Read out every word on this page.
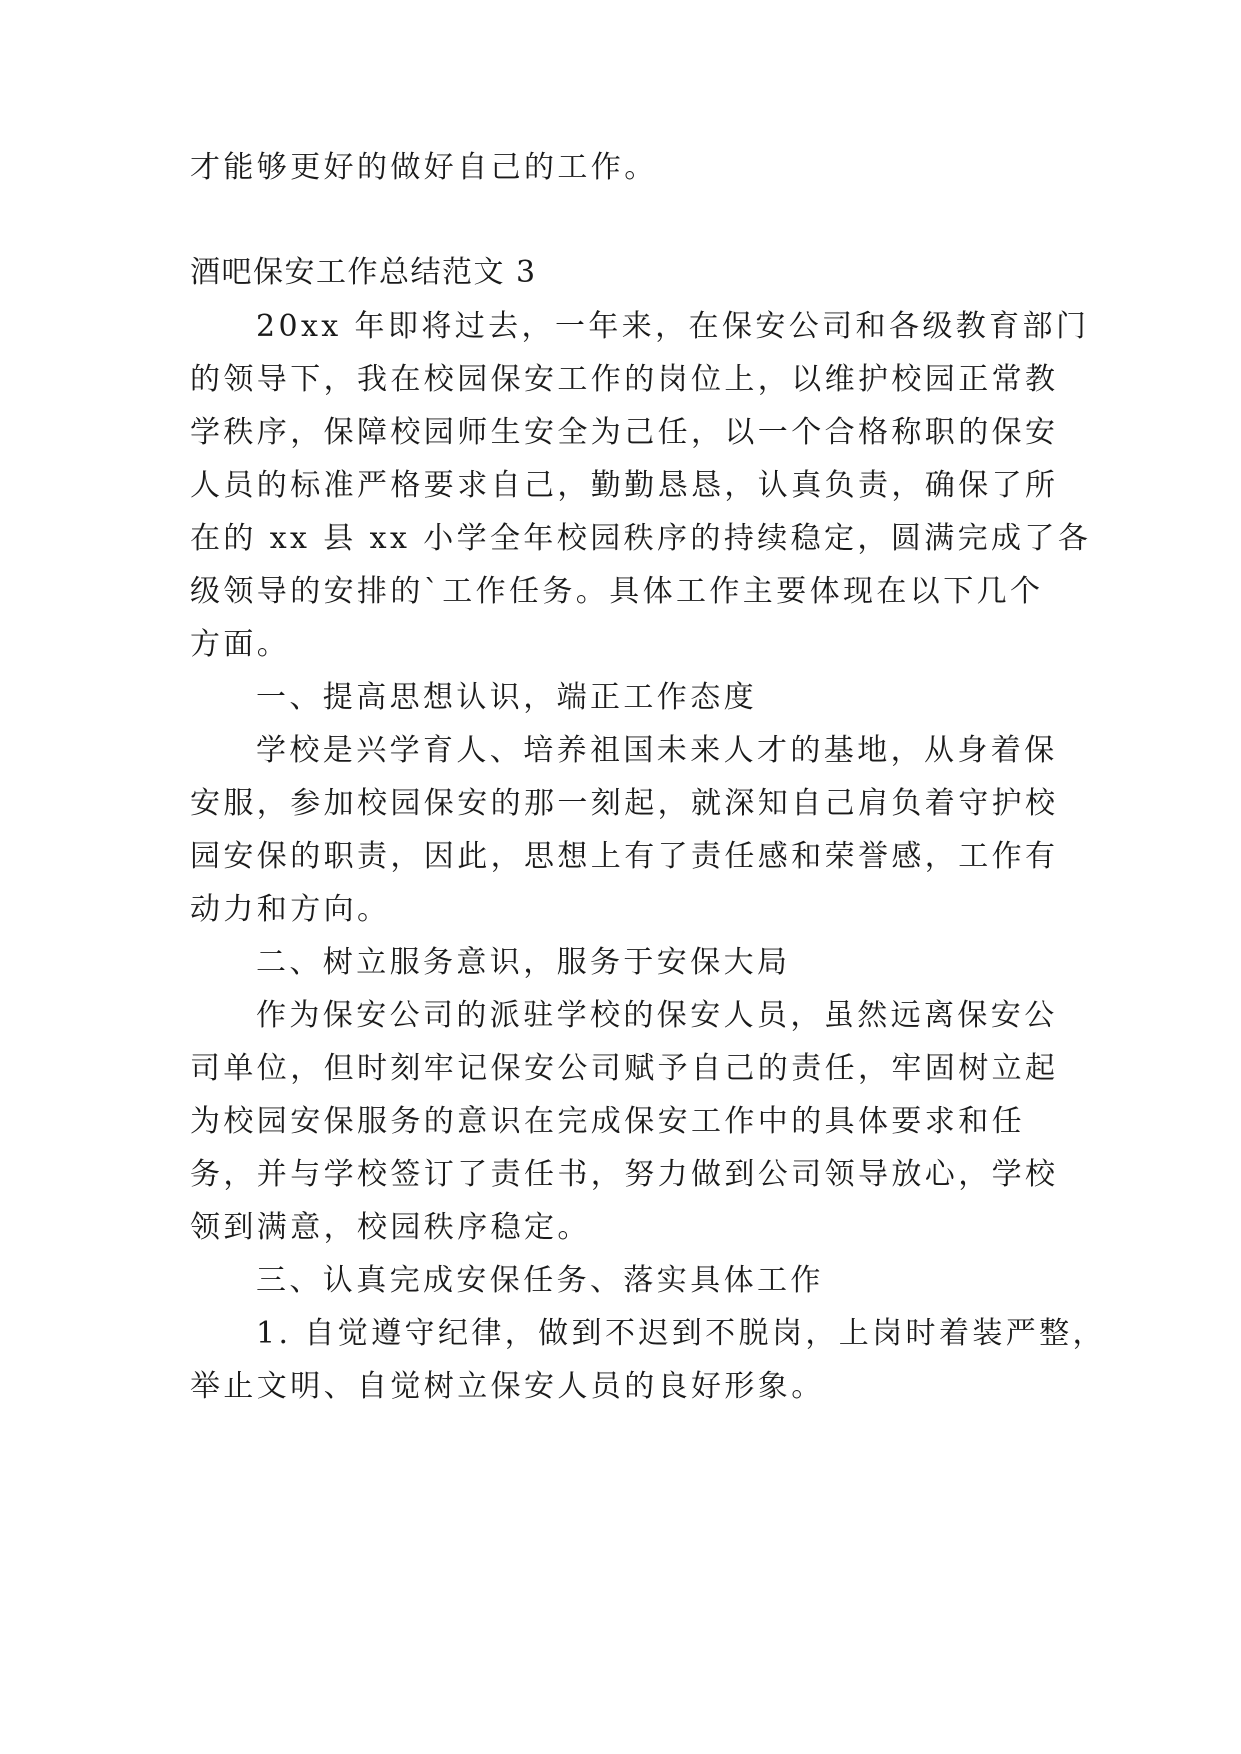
才能够更好的做好自己的工作。
酒吧保安工作总结范文 3
20xx 年即将过去，一年来，在保安公司和各级教育部门
的领导下，我在校园保安工作的岗位上，以维护校园正常教
学秩序，保障校园师生安全为己任，以一个合格称职的保安
人员的标准严格要求自己，勤勤恳恳，认真负责，确保了所
在的 xx 县 xx 小学全年校园秩序的持续稳定，圆满完成了各
级领导的安排的`工作任务。具体工作主要体现在以下几个
方面。
一、提高思想认识，端正工作态度
学校是兴学育人、培养祖国未来人才的基地，从身着保
安服，参加校园保安的那一刻起，就深知自己肩负着守护校
园安保的职责，因此，思想上有了责任感和荣誉感，工作有
动力和方向。
二、树立服务意识，服务于安保大局
作为保安公司的派驻学校的保安人员，虽然远离保安公
司单位，但时刻牢记保安公司赋予自己的责任，牢固树立起
为校园安保服务的意识在完成保安工作中的具体要求和任
务，并与学校签订了责任书，努力做到公司领导放心，学校
领到满意，校园秩序稳定。
三、认真完成安保任务、落实具体工作
1. 自觉遵守纪律，做到不迟到不脱岗，上岗时着装严整，
举止文明、自觉树立保安人员的良好形象。
